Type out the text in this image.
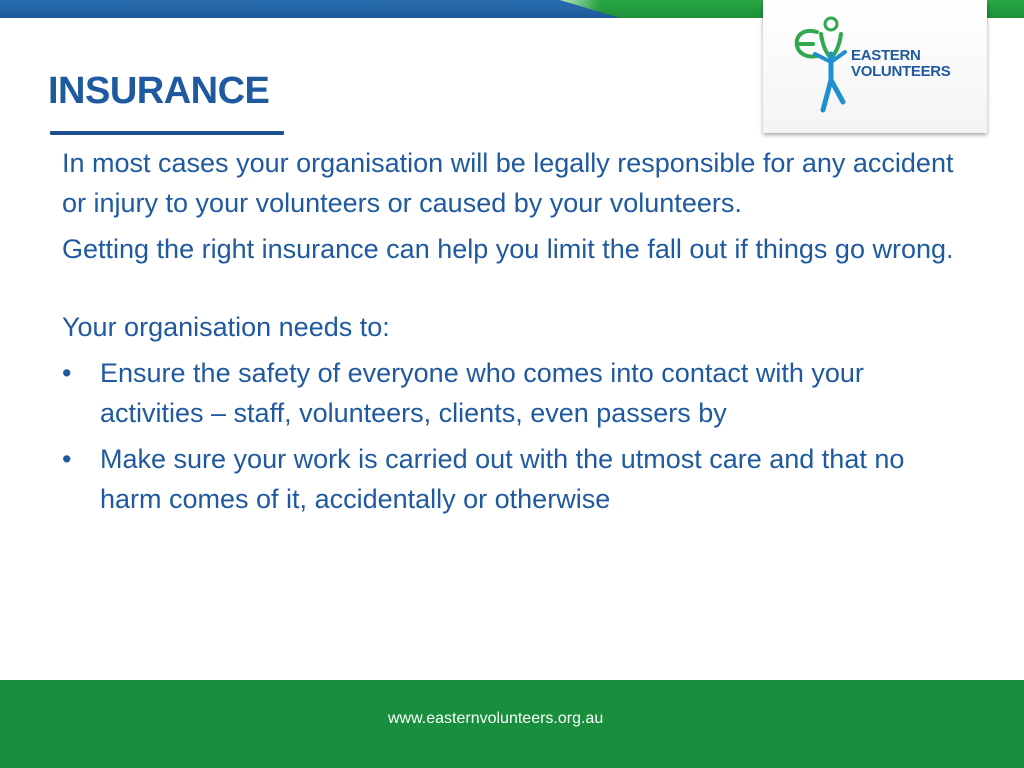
EASTERN
VOLUNTEERS
INSURANCE

In most cases your organisation will be legally responsible for any accident or injury to your volunteers or caused by your volunteers.

Getting the right insurance can help you limit the fall out if things go wrong.

Your organisation needs to:

• Ensure the safety of everyone who comes into contact with your activities – staff, volunteers, clients, even passers by
• Make sure your work is carried out with the utmost care and that no harm comes of it, accidentally or otherwise
www.easternvolunteers.org.au
